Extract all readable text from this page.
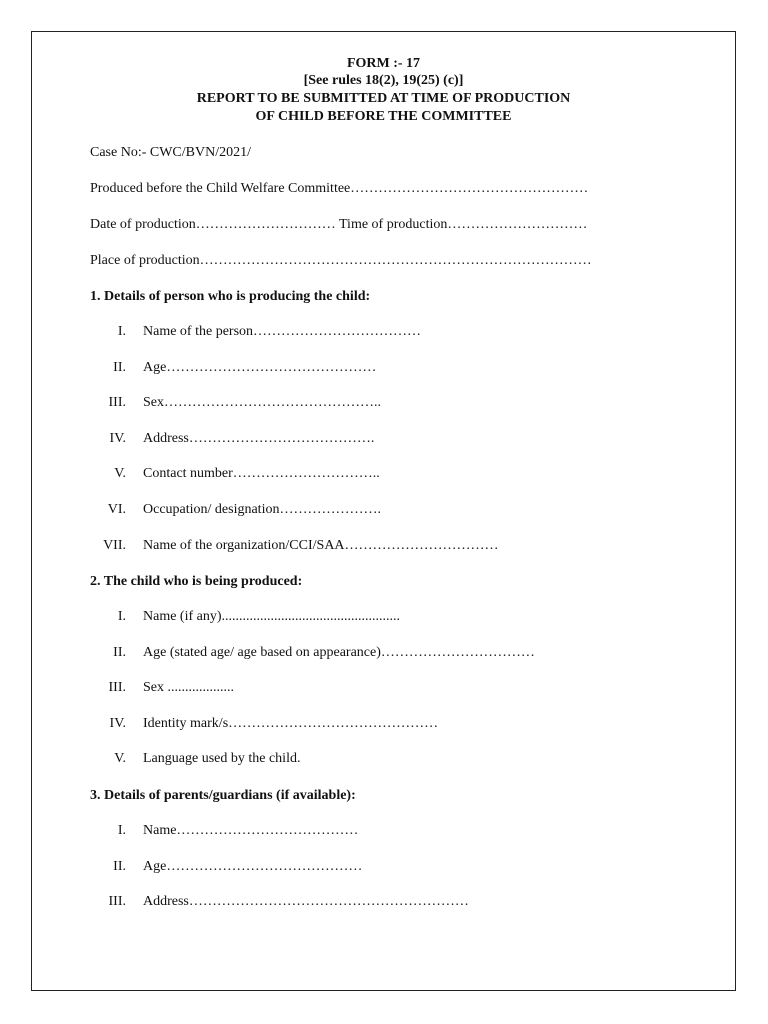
FORM :- 17
[See rules 18(2), 19(25) (c)]
REPORT TO BE SUBMITTED AT TIME OF PRODUCTION
OF CHILD BEFORE THE COMMITTEE
Case No:- CWC/BVN/2021/
Produced before the Child Welfare Committee……………………………………………
Date of production………………………… Time of production…………………………
Place of production…………………………………………………………………………
1. Details of person who is producing the child:
I. Name of the person………………………………
II. Age………………………………………
III. Sex………………………………………..
IV. Address………………………………….
V. Contact number…………………………..
VI. Occupation/ designation………………….
VII. Name of the organization/CCI/SAA……………………………
2. The child who is being produced:
I. Name (if any)...................................................
II. Age (stated age/ age based on appearance)……………………………
III. Sex ...................
IV. Identity mark/s………………………………………
V. Language used by the child.
3. Details of parents/guardians (if available):
I. Name…………………………………
II. Age……………………………………
III. Address……………………………………………………
